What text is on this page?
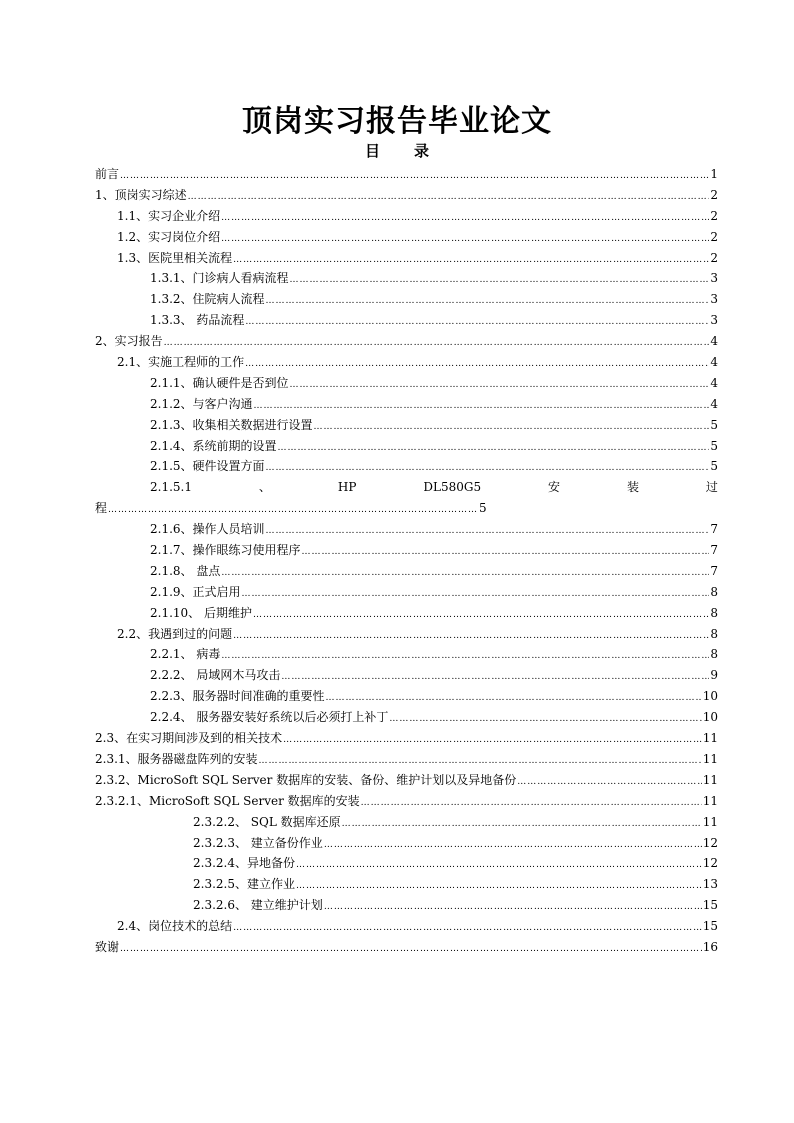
顶岗实习报告毕业论文
目 录
前言 ………………………………………………………………………………………………………………………………………………………………………………………………………………………………………………………………………………………	1
1、顶岗实习综述 ………………………………………………………………………………………………………………………………………………………………………………………………………………………………………………………………………………………	2
1.1、实习企业介绍 ………………………………………………………………………………………………………………………………………………………………………………………………………………………………………………………………………………………	2
1.2、实习岗位介绍 ………………………………………………………………………………………………………………………………………………………………………………………………………………………………………………………………………………………	2
1.3、医院里相关流程 ………………………………………………………………………………………………………………………………………………………………………………………………………………………………………………………………………………………	2
1.3.1、门诊病人看病流程 ………………………………………………………………………………………………………………………………………………………………………………………………………………………………………………………………………………………	3
1.3.2、住院病人流程 ………………………………………………………………………………………………………………………………………………………………………………………………………………………………………………………………………………………	3
1.3.3、 药品流程 ………………………………………………………………………………………………………………………………………………………………………………………………………………………………………………………………………………………	3
2、实习报告 ………………………………………………………………………………………………………………………………………………………………………………………………………………………………………………………………………………………	4
2.1、实施工程师的工作 ………………………………………………………………………………………………………………………………………………………………………………………………………………………………………………………………………………………	4
2.1.1、确认硬件是否到位 ………………………………………………………………………………………………………………………………………………………………………………………………………………………………………………………………………………………	4
2.1.2、与客户沟通 ………………………………………………………………………………………………………………………………………………………………………………………………………………………………………………………………………………………	4
2.1.3、收集相关数据进行设置 ………………………………………………………………………………………………………………………………………………………………………………………………………………………………………………………………………………………	5
2.1.4、系统前期的设置 ………………………………………………………………………………………………………………………………………………………………………………………………………………………………………………………………………………………	5
2.1.5、硬件设置方面 ………………………………………………………………………………………………………………………………………………………………………………………………………………………………………………………………………………………	5
2.1.5.1	、	HP	DL580G5	安	装	过
程 ………………………………………………………………………………………………………………………………………………	5
2.1.6、操作人员培训 ………………………………………………………………………………………………………………………………………………………………………………………………………………………………………………………………………………………	7
2.1.7、操作眼练习使用程序 ………………………………………………………………………………………………………………………………………………………………………………………………………………………………………………………………………………………	7
2.1.8、 盘点 ………………………………………………………………………………………………………………………………………………………………………………………………………………………………………………………………………………………	7
2.1.9、正式启用 ………………………………………………………………………………………………………………………………………………………………………………………………………………………………………………………………………………………	8
2.1.10、 后期维护 ………………………………………………………………………………………………………………………………………………………………………………………………………………………………………………………………………………………	8
2.2、我遇到过的问题 ………………………………………………………………………………………………………………………………………………………………………………………………………………………………………………………………………………………	8
2.2.1、 病毒 ………………………………………………………………………………………………………………………………………………………………………………………………………………………………………………………………………………………	8
2.2.2、 局域网木马攻击 ………………………………………………………………………………………………………………………………………………………………………………………………………………………………………………………………………………………	9
2.2.3、服务器时间准确的重要性 ………………………………………………………………………………………………………………………………………………………………………………………………………………………………………………………………………………………	10
2.2.4、 服务器安装好系统以后必须打上补丁 ………………………………………………………………………………………………………………………………………………………………………………………………………………………………………………………………………………………	10
2.3、在实习期间涉及到的相关技术 ………………………………………………………………………………………………………………………………………………………………………………………………………………………………………………………………………………………	11
2.3.1、服务器磁盘阵列的安装 ………………………………………………………………………………………………………………………………………………………………………………………………………………………………………………………………………………………	11
2.3.2、MicroSoft SQL Server 数据库的安装、备份、维护计划以及异地备份 ………………………………………………………………………………………………………………………………………………………………………………………………………………………………………………………………………………………	11
2.3.2.1、MicroSoft SQL Server 数据库的安装 ………………………………………………………………………………………………………………………………………………………………………………………………………………………………………………………………………………………	11
2.3.2.2、 SQL 数据库还原 ………………………………………………………………………………………………………………………………………………………………………………………………………………………………………………………………………………………	11
2.3.2.3、 建立备份作业 ………………………………………………………………………………………………………………………………………………………………………………………………………………………………………………………………………………………	12
2.3.2.4、异地备份 ………………………………………………………………………………………………………………………………………………………………………………………………………………………………………………………………………………………	12
2.3.2.5、建立作业 ………………………………………………………………………………………………………………………………………………………………………………………………………………………………………………………………………………………	13
2.3.2.6、 建立维护计划 ………………………………………………………………………………………………………………………………………………………………………………………………………………………………………………………………………………………	15
2.4、岗位技术的总结 ………………………………………………………………………………………………………………………………………………………………………………………………………………………………………………………………………………………	15
致谢 ………………………………………………………………………………………………………………………………………………………………………………………………………………………………………………………………………………………	16
